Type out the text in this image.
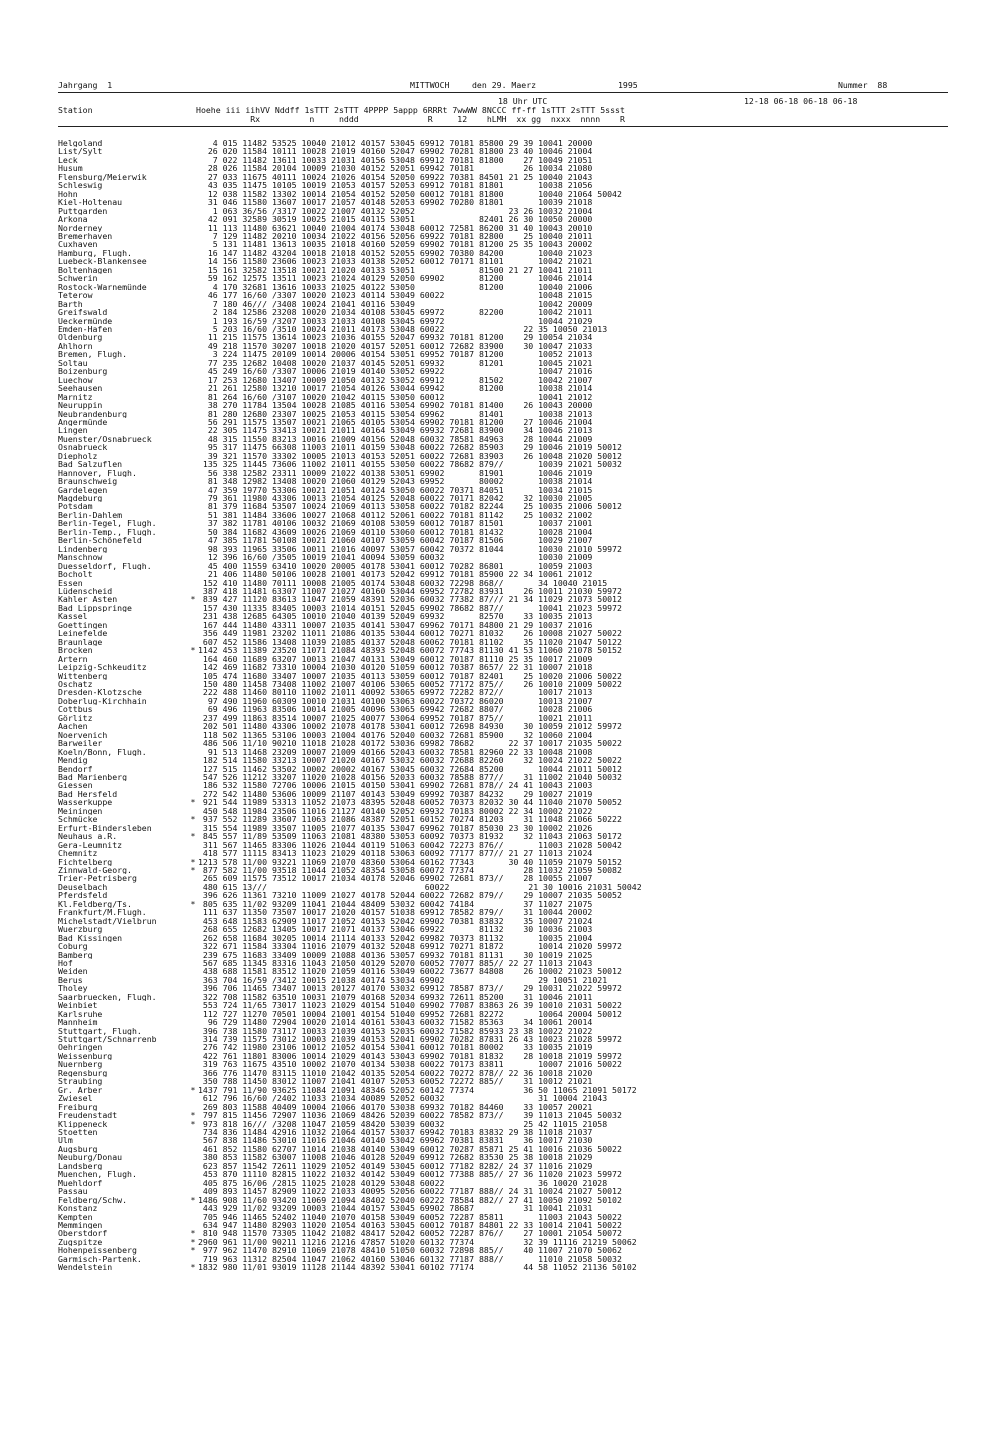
Jahrgang  1

	MITTWOCH

	den 29. Maerz

	1995

	Nummer  88

18 Uhr UTC	12-18 06-18 06-18 06-18
Station                     Hoehe iii iihVV Nddff 1sTTT 2sTTT 4PPPP 5appp 6RRRt 7wwWW 8NCCC ff-ff 1sTTT 2sTTT 5ssst
Rx          n     nddd              R     12    hLMH  xx gg  nxxx  nnnn    R
Helgoland		4 015 11482 53525 10040 21012 40157 53045 69912 70181 85800 29 39 10041 20000
List/Sylt		26 020 11584 10111 10028 21019 40160 52047 69902 70281 81800 23 40 10046 21004
Leck		7 022 11482 13611 10033 21031 40156 53048 69912 70181 81800    27 10049 21051
Husum		28 026 11584 20104 10009 21030 40152 52051 69942 70181          26 10034 21080
Flensburg/Meierwik		27 033 11675 40111 10024 21026 40154 52050 69922 70381 84501 21 25 10040 21043
Schleswig		43 035 11475 10105 10019 21053 40157 52053 69912 70181 81801       10038 21056
Hohn		12 038 11582 13302 10014 21054 40152 52050 60012 70181 81800       10040 21064 50042
Kiel-Holtenau		31 046 11580 13607 10017 21057 40148 52053 69902 70280 81801       10039 21018
Puttgarden		1 063 36/56 /3317 10022 21007 40132 52052                   23 26 10032 21004
Arkona		42 091 32589 30519 10025 21015 40115 53051             82401 26 30 10050 20000
Norderney		11 113 11480 63621 10040 21004 40174 53048 60012 72581 86200 31 40 10043 20010
Bremerhaven		7 129 11482 20210 10034 21022 40156 52056 69922 70181 82800    25 10040 21011
Cuxhaven		5 131 11481 13613 10035 21018 40160 52059 69902 70181 81200 25 35 10043 20002
Hamburg, Flugh.		16 147 11482 43204 10018 21018 40152 52055 69902 70380 84200       10040 21023
Luebeck-Blankensee		14 156 11580 23606 10023 21033 40138 52052 60012 70171 81101       10042 21021
Boltenhagen		15 161 32582 13518 10021 21020 40133 53051             81500 21 27 10041 21011
Schwerin		59 162 12575 13511 10023 21024 40129 52050 69902       81200       10046 21014
Rostock-Warnemünde		4 170 32681 13616 10033 21025 40122 53050             81200       10040 21006
Teterow		46 177 16/60 /3307 10020 21023 40114 53049 60022                   10048 21015
Barth		7 180 46/// /3408 10024 21041 40116 53049                         10042 20009
Greifswald		2 184 12586 23208 10020 21034 40108 53045 69972       82200       10042 21011
Ueckermünde		1 193 16/59 /3207 10033 21033 40108 53045 69972                   10044 21029
Emden-Hafen		5 203 16/60 /3510 10024 21011 40173 53048 60022                22 35 10050 21013
Oldenburg		11 215 11575 13614 10023 21036 40155 52047 69932 70181 81200    29 10054 21034
Ahlhorn		49 218 11570 30207 10018 21020 40157 52051 60012 72682 83900    30 10047 21033
Bremen, Flugh.		3 224 11475 20109 10014 20006 40154 53051 69952 70187 81200       10052 21013
Soltau		77 235 12682 10408 10020 21037 40145 52051 69932       81201       10045 21021
Boizenburg		45 249 16/60 /3307 10006 21019 40140 53052 69922                   10047 21016
Luechow		17 253 12680 13407 10009 21050 40132 53052 69912       81502       10042 21007
Seehausen		21 261 12580 13210 10017 21054 40126 53044 69942       81200       10038 21014
Marnitz		81 264 16/60 /3107 10020 21042 40115 53050 60012                   10041 21012
Neuruppin		38 270 11784 13504 10028 21085 40116 53054 69902 70181 81400    26 10043 20000
Neubrandenburg		81 280 12680 23307 10025 21053 40115 53054 69962       81401       10038 21013
Angermünde		56 291 11575 13507 10021 21065 40105 53054 69902 70181 81200    27 10046 21004
Lingen		22 305 11475 33413 10021 21011 40164 53049 69932 72681 83900    34 10046 21013
Muenster/Osnabrueck		48 315 11550 83213 10016 21009 40156 52048 60032 78581 84963    28 10044 21009
Osnabrueck		95 317 11475 66308 11003 21011 40159 53048 60022 72682 85903    29 10046 21019 50012
Diepholz		39 321 11570 33302 10005 21013 40153 52051 60022 72681 83903    26 10048 21020 50012
Bad Salzuflen		135 325 11445 73606 11002 21011 40155 53050 60022 78682 879//       10039 21021 50032
Hannover, Flugh.		56 338 12582 23311 10009 21022 40138 53051 69902       81901       10046 21019
Braunschweig		81 348 12982 13408 10020 21060 40129 52043 69952       80002       10038 21014
Gardelegen		47 359 19770 53306 10021 21051 40124 53050 60022 70371 84051       10034 21015
Magdeburg		79 361 11980 43306 10013 21054 40125 52048 60022 70171 82042    32 10030 21005
Potsdam		81 379 11684 53507 10024 21069 40113 53058 60022 70182 82244    25 10035 21006 50012
Berlin-Dahlem		51 381 11484 33606 10027 21068 40112 52061 60022 70181 81142    25 10032 21002
Berlin-Tegel, Flugh.		37 382 11781 40106 10032 21069 40108 53059 60012 70187 81501       10037 21001
Berlin-Temp., Flugh.		50 384 11682 43609 10026 21069 40110 53060 60012 70181 81432       10028 21004
Berlin-Schönefeld		47 385 11781 50108 10021 21060 40107 53059 60042 70187 81506       10029 21007
Lindenberg		98 393 11965 33506 10011 21016 40097 53057 60042 70372 81044       10030 21010 59972
Manschnow		12 396 16/60 /3505 10019 21041 40094 53059 60032                   10030 21009
Duesseldorf, Flugh.		45 400 11559 63410 10020 20005 40178 53041 60012 70282 86801       10059 21003
Bocholt		21 406 11480 50106 10028 21001 40173 52042 69912 70181 85900 22 34 10061 21012
Essen		152 410 11480 70111 10008 21005 40174 53048 60032 72298 868//       34 10040 21015
Lüdenscheid		387 418 11481 63307 11007 21027 40160 53044 69952 72782 83931    26 10011 21030 59972
Kahler Asten	*	839 427 11120 83613 11047 21059 48391 52036 60032 77382 87/// 21 34 11029 21073 50012
Bad Lippspringe		157 430 11335 83405 10003 21014 40151 52045 69902 78682 887//       10041 21023 59972
Kassel		231 438 12685 64305 10010 21040 40139 52049 69932       82570    33 10035 21013
Goettingen		167 444 11480 43311 10007 21035 40141 53047 69962 70171 84800 21 29 10037 21016
Leinefelde		356 449 11981 23202 11011 21086 40135 53044 60012 70271 81032    26 10008 21027 50022
Braunlage		607 452 11586 13408 11039 21085 40137 52048 60062 70181 81102    35 11020 21047 50122
Brocken	*	1142 453 11389 23520 11071 21084 48393 52048 60072 77743 81130 41 53 11060 21078 50152
Artern		164 460 11689 63207 10013 21047 40131 53049 60012 70187 81110 25 35 10017 21009
Leipzig-Schkeuditz		142 469 11682 73310 10004 21030 40120 51059 60012 70387 8657/ 22 31 10007 21018
Wittenberg		105 474 11680 33407 10007 21035 40113 53059 60012 70187 82401    25 10020 21006 50022
Oschatz		150 480 11458 73408 11002 21007 40106 53065 60052 77172 875//    26 10010 21009 50022
Dresden-Klotzsche		222 488 11460 80110 11002 21011 40092 53065 69972 72282 872//       10017 21013
Doberlug-Kirchhain		97 490 11960 60309 10010 21031 40100 53063 60022 70372 86020       10013 21007
Cottbus		69 496 11963 83506 10014 21005 40096 53065 69942 72682 8807/       10028 21006
Görlitz		237 499 11863 83514 10007 21025 40077 53064 69952 70187 875//       10021 21011
Aachen		202 501 11480 43306 10002 21078 40178 53041 60012 72698 84930    30 10059 21012 59972
Noervenich		118 502 11365 53106 10003 21004 40176 52040 60032 72681 85900    32 10060 21004
Barweiler		486 506 11/10 90210 11018 21028 40172 53036 69982 78682       22 37 10017 21035 50022
Koeln/Bonn, Flugh.		91 513 11468 23209 10007 21009 40166 52043 60032 78581 82960 22 33 10048 21008
Mendig		182 514 11580 33213 10007 21020 40167 53032 60032 72688 82260    32 10024 21022 50022
Bendorf		127 515 11462 53502 10002 20002 40167 53045 60032 72684 85200       10044 21011 50012
Bad Marienberg		547 526 11212 33207 11020 21028 40156 52033 60032 78588 877//    31 11002 21040 50032
Giessen		186 532 11580 72706 10006 21015 40150 53041 69902 72681 878// 24 41 10043 21003
Bad Hersfeld		272 542 11480 53606 10009 21107 40143 53049 69992 70387 84232    29 10027 21019
Wasserkuppe	*	921 544 11989 53313 11052 21073 48395 52048 60052 70373 82032 30 44 11040 21070 50052
Meiningen		450 548 11984 23506 11016 21127 40140 52052 69932 70183 80002 22 34 10002 21022
Schmücke	*	937 552 11289 33607 11063 21086 48387 52051 60152 70274 81203    31 11048 21066 50222
Erfurt-Bindersleben		315 554 11989 33507 11005 21077 40135 53047 69962 70187 85030 23 30 10002 21026
Neuhaus a.R.	*	845 557 11/89 53509 11063 21081 48380 53053 60092 70373 81932    32 11043 21063 50172
Gera-Leumnitz		311 567 11465 83306 11026 21044 40119 51063 60042 72273 876//       11003 21028 50042
Chemnitz		418 577 11115 83413 11023 21029 40118 53063 60092 77177 877// 21 27 11013 21024
Fichtelberg	*	1213 578 11/00 93221 11069 21070 48360 53064 60162 77343       30 40 11059 21079 50152
Zinnwald-Georg.	*	877 582 11/00 93518 11044 21052 48354 53058 60072 77374          28 11032 21059 50082
Trier-Petrisberg		265 609 11575 73512 10017 21034 40178 52046 69902 72681 873//    28 10055 21007
Deuselbach		480 615 13///                                60022                21 30 10016 21031 50042
Pferdsfeld		396 626 11361 73210 11009 21027 40178 52044 60022 72682 879//    29 10007 21035 50052
Kl.Feldberg/Ts.	*	805 635 11/02 93209 11041 21044 48409 53032 60042 74184          37 11027 21075
Frankfurt/M.Flugh.		111 637 11350 73507 10017 21020 40157 51038 69912 78582 879//    31 10044 20002
Michelstadt/Vielbrun		453 648 11583 62909 11017 21052 40153 52042 69902 70381 83832    35 10007 21024
Wuerzburg		268 655 12682 13405 10017 21071 40137 53046 69922       81132    30 10036 21003
Bad Kissingen		262 658 11684 30205 10014 21114 40133 52042 69982 70373 81132       10035 21004
Coburg		322 671 11584 33304 11016 21079 40132 52048 69912 70271 81872       10014 21020 59972
Bamberg		239 675 11683 33409 10009 21088 40136 53057 69932 70181 81131    30 10019 21025
Hof		567 685 11345 83316 11043 21050 40129 52070 60052 77077 885// 22 27 11013 21043
Weiden		438 688 11581 83512 11020 21059 40116 53049 60022 73677 84808    26 10002 21023 50012
Berus		363 704 16/59 /3412 10015 21038 40174 53034 69902                   29 10051 21021
Tholey		396 706 11465 73407 10013 20127 40170 53032 69912 78587 873//    29 10031 21022 59972
Saarbruecken, Flugh.		322 708 11582 63510 10031 21079 40168 52034 69932 72611 85200    31 10046 21011
Weinbiet		553 724 11/65 73017 11023 21029 40154 51040 69902 77087 83863 26 39 10010 21031 50022
Karlsruhe		112 727 11270 70501 10004 21001 40154 51040 69952 72681 82272       10064 20004 50012
Mannheim		96 729 11480 72904 10020 21014 40161 53043 60032 71582 85363    34 10061 20014
Stuttgart, Flugh.		396 738 11580 73117 10033 21039 40153 52035 60032 71582 85933 23 38 10022 21022
Stuttgart/Schnarrenb		314 739 11575 73012 10003 21039 40153 52041 69902 70282 87831 26 43 10023 21028 59972
Oehringen		276 742 11980 23106 10012 21052 40154 53041 60012 70181 80002    33 10035 21019
Weissenburg		422 761 11801 83006 10014 21029 40143 53043 69902 70181 81832    28 10018 21019 59972
Nuernberg		319 763 11675 43510 10002 21070 40134 53038 60022 70173 83811       10007 21016 50022
Regensburg		366 776 11470 83115 11010 21042 40135 52054 60022 70272 878// 22 36 10018 21020
Straubing		350 788 11450 83012 11007 21041 40107 52053 60052 72272 885//    31 10012 21021
Gr. Arber	*	1437 791 11/90 93625 11084 21091 48346 52052 60142 77374          36 50 11065 21091 50172
Zwiesel		612 796 16/60 /2402 11033 21034 40089 52052 60032                   31 10004 21043
Freiburg		269 803 11588 40409 10004 21066 40170 53038 69932 70182 84460    33 10057 20021
Freudenstadt	*	797 815 11456 72907 11036 21069 48426 52039 60022 78582 873//    39 11013 21045 50032
Klippeneck	*	973 818 16/// /3208 11047 21059 48420 53039 60032                25 42 11015 21058
Stoetten		734 836 11484 42916 11032 21064 40157 53037 69942 70183 83832 29 38 11018 21037
Ulm		567 838 11486 53010 11016 21046 40140 53042 69962 70381 83831    36 10017 21030
Augsburg		461 852 11580 62707 11014 21038 40140 53049 60012 70287 85871 25 41 10016 21036 50022
Neuburg/Donau		380 853 11582 63007 11008 21046 40128 52049 69912 72682 83530 25 38 10018 21029
Landsberg		623 857 11542 72611 11029 21052 40149 53045 60012 77182 8282/ 24 37 11016 21029
Muenchen, Flugh.		453 870 11110 82815 11022 21032 40142 53049 60012 77388 885// 27 36 11020 21023 59972
Muehldorf		405 875 16/06 /2815 11025 21028 40129 53048 60022                   36 10020 21028
Passau		409 893 11457 82909 11022 21033 40095 52056 60022 77187 888// 24 31 10024 21027 50012
Feldberg/Schw.	*	1486 908 11/60 93420 11069 21094 48402 52040 60222 78584 882// 27 41 10050 21092 50102
Konstanz		443 929 11/02 93209 10003 21044 40157 53045 69902 78687          31 10041 21031
Kempten		705 946 11465 52402 11040 21070 40158 53049 60052 72287 85811       11003 21043 50022
Memmingen		634 947 11480 82903 11020 21054 40163 53045 60012 70187 84801 22 33 10014 21041 50022
Oberstdorf	*	810 948 11570 73305 11042 21082 48417 52042 60052 72287 876//    27 10001 21054 50072
Zugspitze	*	2960 961 11/00 90211 11216 21216 47857 51020 60132 77374          32 39 11116 21219 50062
Hohenpeissenberg	*	977 962 11470 82910 11069 21078 48410 51050 60032 72898 885//    40 11007 21070 50062
Garmisch-Partenk.		719 963 11312 82504 11047 21062 40160 53046 60132 77187 888//       11010 21058 50032
Wendelstein	*	1832 980 11/01 93019 11128 21144 48392 53041 60102 77174          44 58 11052 21136 50102
